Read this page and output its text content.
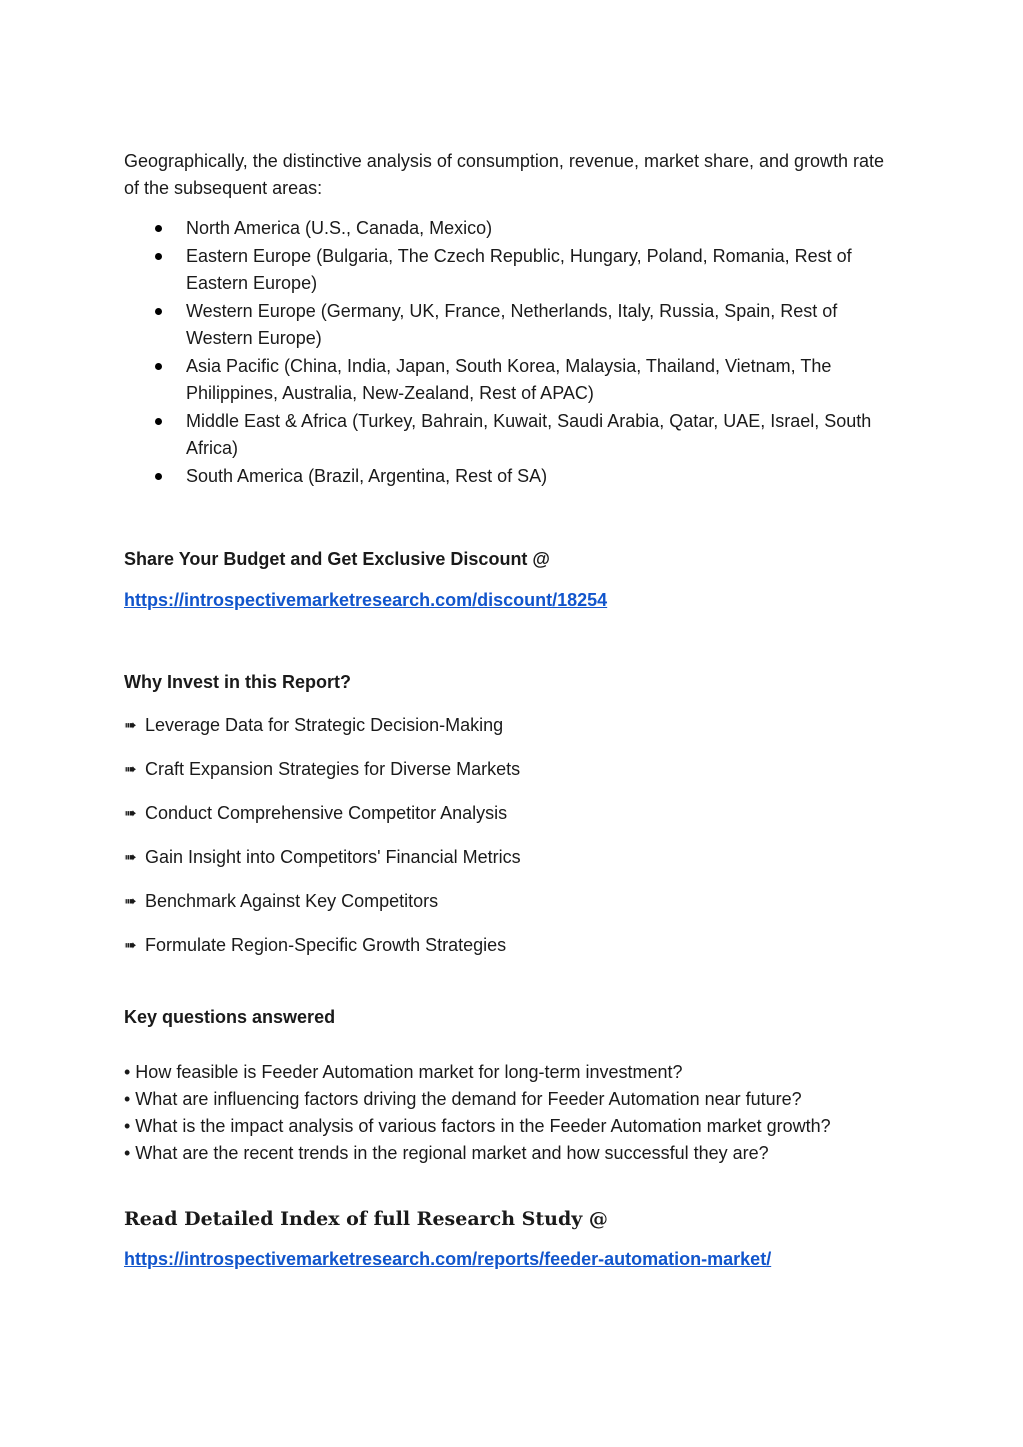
Geographically, the distinctive analysis of consumption, revenue, market share, and growth rate of the subsequent areas:

North America (U.S., Canada, Mexico)
Eastern Europe (Bulgaria, The Czech Republic, Hungary, Poland, Romania, Rest of Eastern Europe)
Western Europe (Germany, UK, France, Netherlands, Italy, Russia, Spain, Rest of Western Europe)
Asia Pacific (China, India, Japan, South Korea, Malaysia, Thailand, Vietnam, The Philippines, Australia, New-Zealand, Rest of APAC)
Middle East & Africa (Turkey, Bahrain, Kuwait, Saudi Arabia, Qatar, UAE, Israel, South Africa)
South America (Brazil, Argentina, Rest of SA)

Share Your Budget and Get Exclusive Discount @

https://introspectivemarketresearch.com/discount/18254

Why Invest in this Report?

➠ Leverage Data for Strategic Decision-Making
➠ Craft Expansion Strategies for Diverse Markets
➠ Conduct Comprehensive Competitor Analysis
➠ Gain Insight into Competitors' Financial Metrics
➠ Benchmark Against Key Competitors
➠ Formulate Region-Specific Growth Strategies

Key questions answered

• How feasible is Feeder Automation market for long-term investment?
• What are influencing factors driving the demand for Feeder Automation near future?
• What is the impact analysis of various factors in the Feeder Automation market growth?
• What are the recent trends in the regional market and how successful they are?

Read Detailed Index of full Research Study @

https://introspectivemarketresearch.com/reports/feeder-automation-market/
